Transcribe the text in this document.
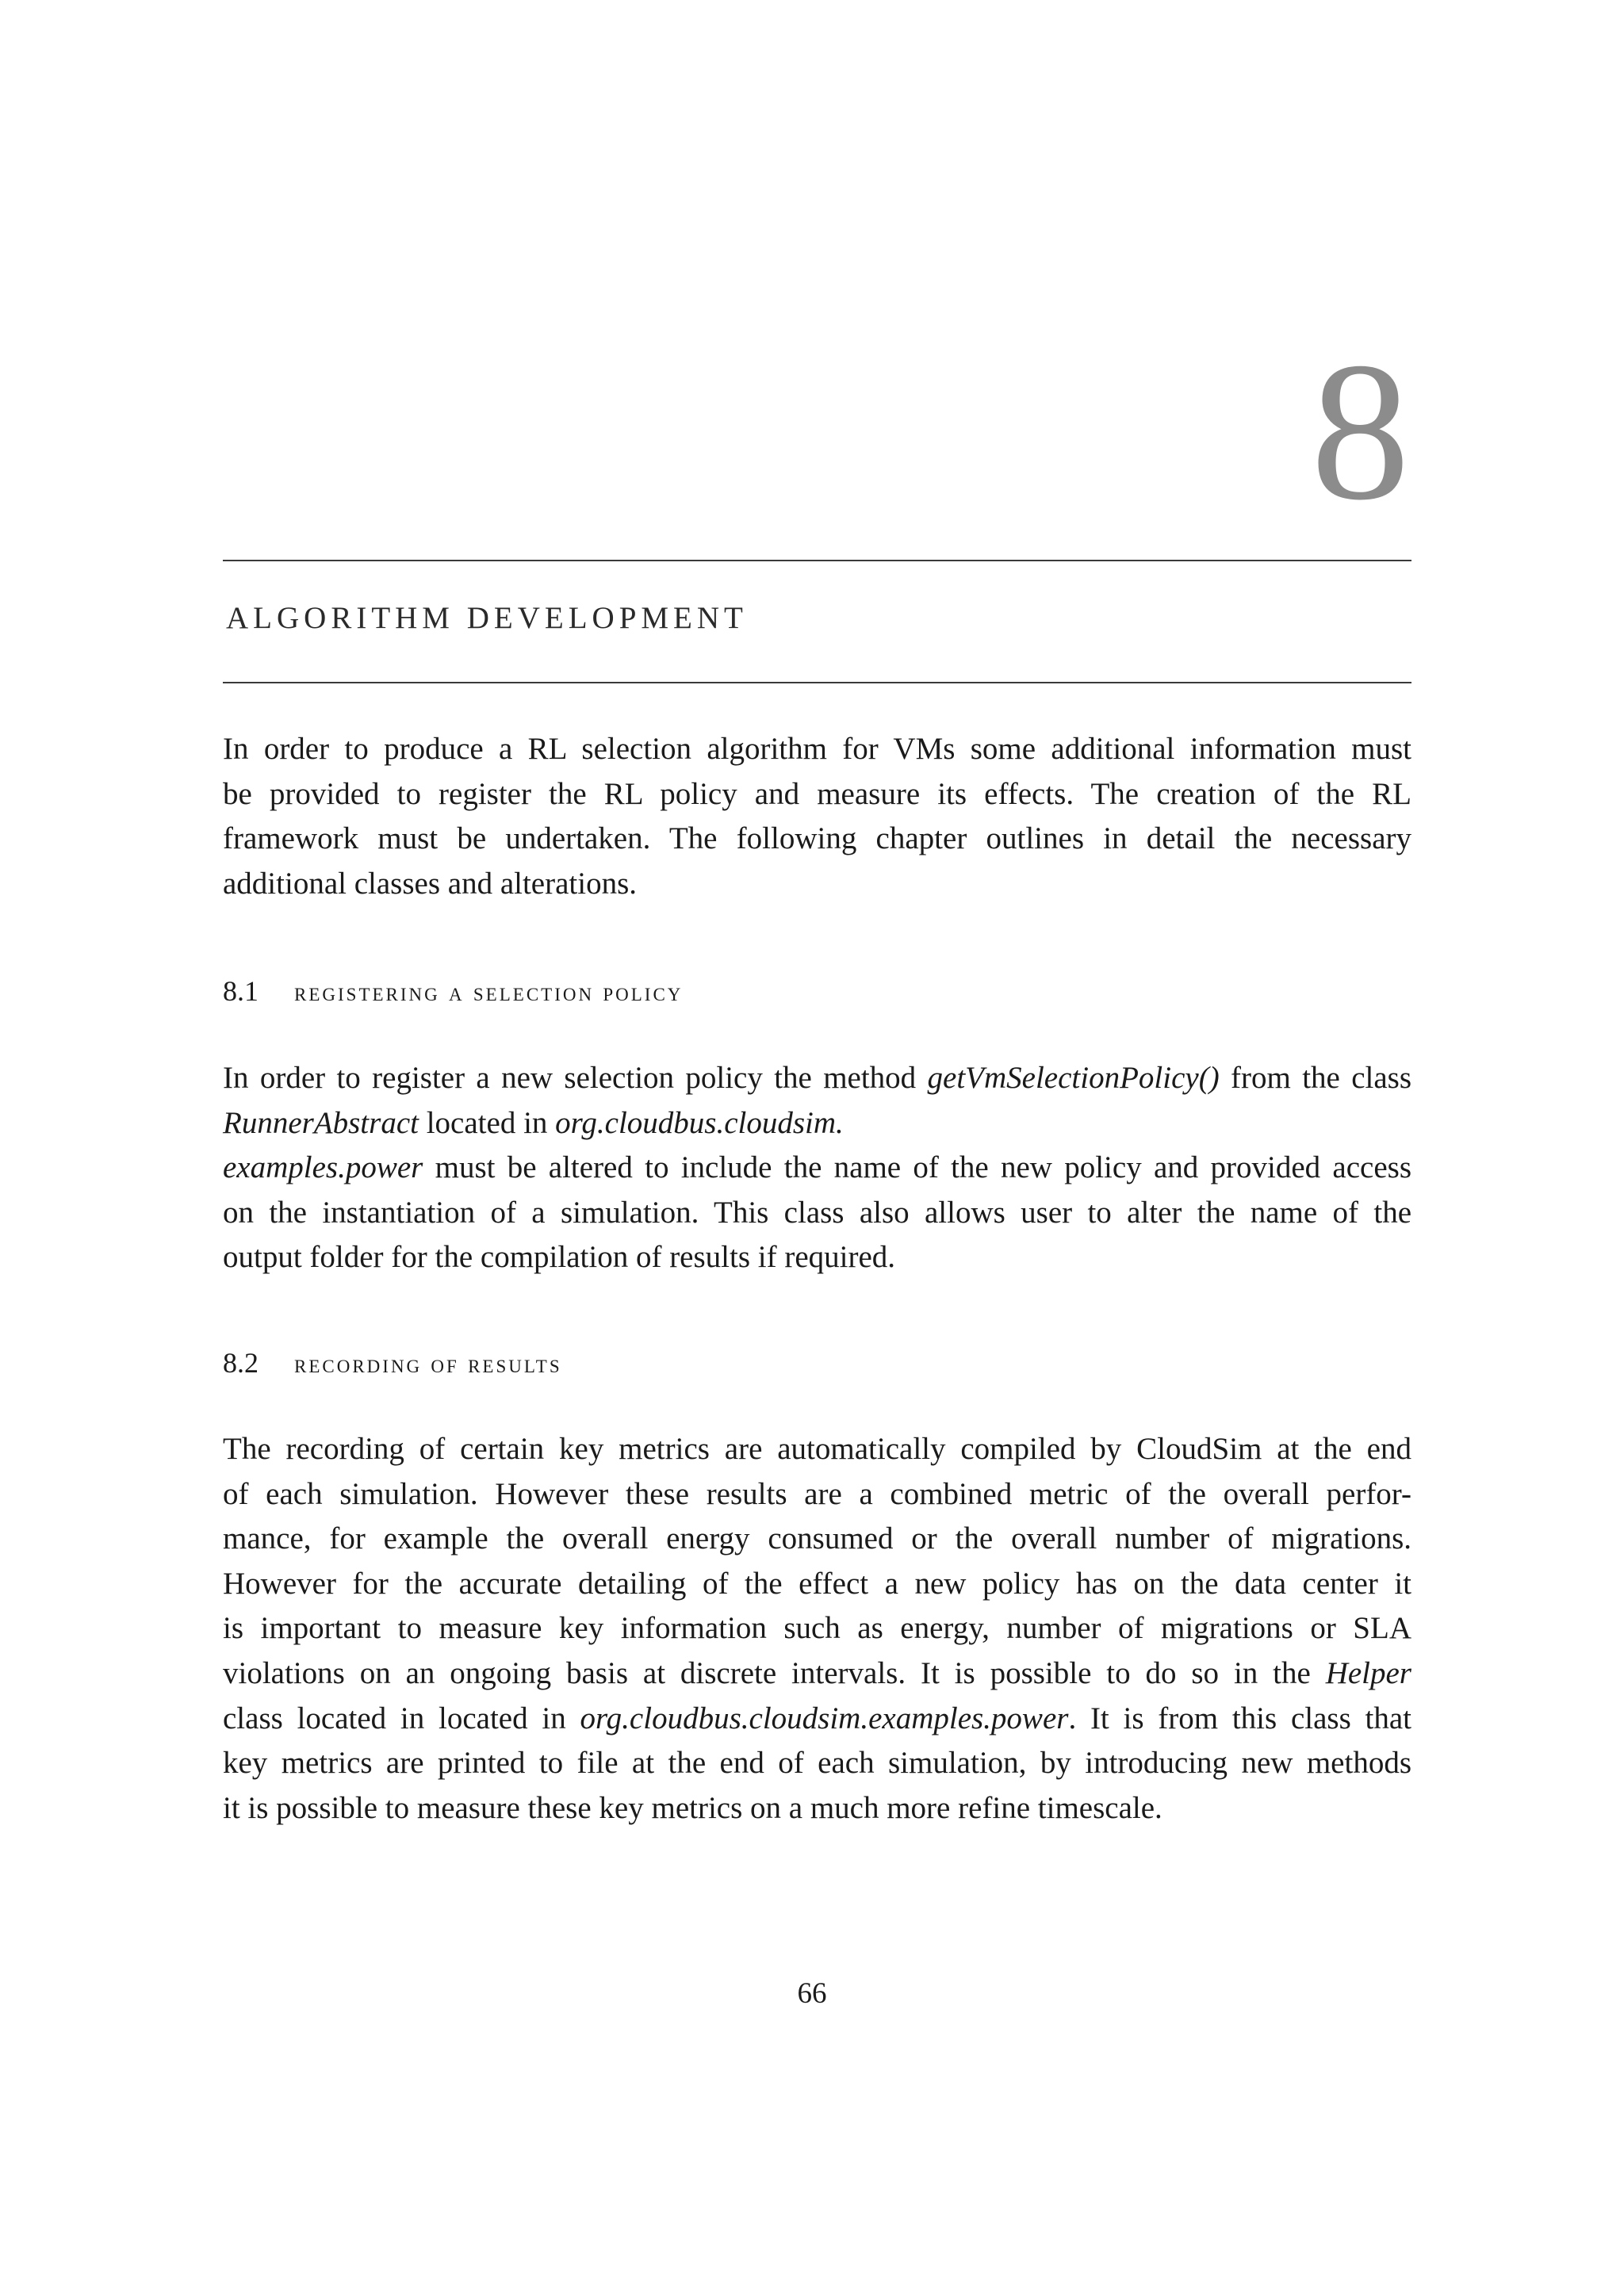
8
ALGORITHM DEVELOPMENT

In order to produce a RL selection algorithm for VMs some additional information must
be provided to register the RL policy and measure its effects. The creation of the RL
framework must be undertaken. The following chapter outlines in detail the necessary
additional classes and alterations.

8.1 registering a selection policy

In order to register a new selection policy the method getVmSelectionPolicy() from the class
RunnerAbstract located in org.cloudbus.cloudsim.
examples.power must be altered to include the name of the new policy and provided access
on the instantiation of a simulation. This class also allows user to alter the name of the
output folder for the compilation of results if required.

8.2 recording of results

The recording of certain key metrics are automatically compiled by CloudSim at the end
of each simulation. However these results are a combined metric of the overall perfor-
mance, for example the overall energy consumed or the overall number of migrations.
However for the accurate detailing of the effect a new policy has on the data center it
is important to measure key information such as energy, number of migrations or SLA
violations on an ongoing basis at discrete intervals. It is possible to do so in the Helper
class located in located in org.cloudbus.cloudsim.examples.power. It is from this class that
key metrics are printed to file at the end of each simulation, by introducing new methods
it is possible to measure these key metrics on a much more refine timescale.

66
